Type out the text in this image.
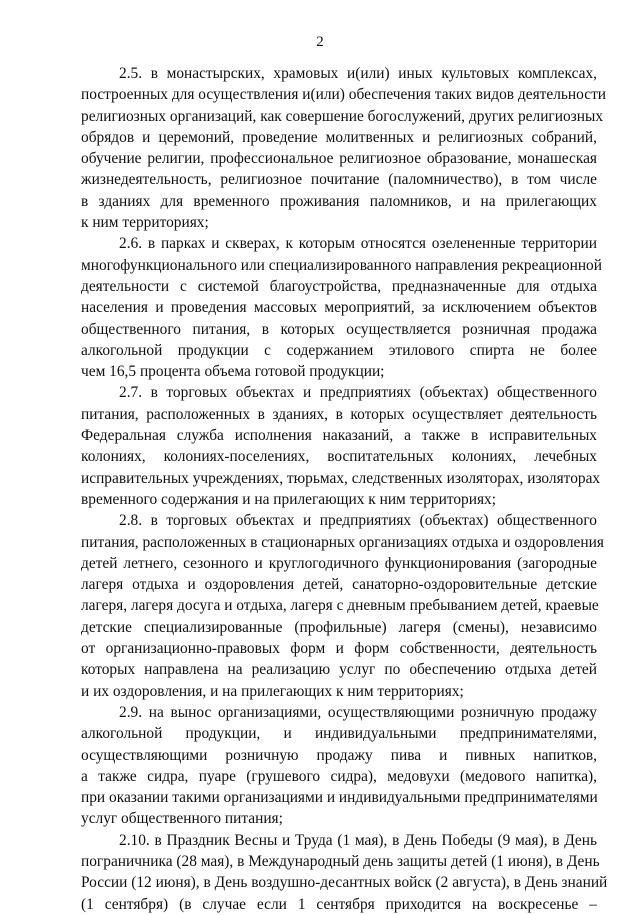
2
2.5. в монастырских, храмовых и(или) иных культовых комплексах,
построенных для осуществления и(или) обеспечения таких видов деятельности
религиозных организаций, как совершение богослужений, других религиозных
обрядов и церемоний, проведение молитвенных и религиозных собраний,
обучение религии, профессиональное религиозное образование, монашеская
жизнедеятельность, религиозное почитание (паломничество), в том числе
в зданиях для временного проживания паломников, и на прилегающих
к ним территориях;
2.6. в парках и скверах, к которым относятся озелененные территории
многофункционального или специализированного направления рекреационной
деятельности с системой благоустройства, предназначенные для отдыха
населения и проведения массовых мероприятий, за исключением объектов
общественного питания, в которых осуществляется розничная продажа
алкогольной продукции с содержанием этилового спирта не более
чем 16,5 процента объема готовой продукции;
2.7. в торговых объектах и предприятиях (объектах) общественного
питания, расположенных в зданиях, в которых осуществляет деятельность
Федеральная служба исполнения наказаний, а также в исправительных
колониях, колониях-поселениях, воспитательных колониях, лечебных
исправительных учреждениях, тюрьмах, следственных изоляторах, изоляторах
временного содержания и на прилегающих к ним территориях;
2.8. в торговых объектах и предприятиях (объектах) общественного
питания, расположенных в стационарных организациях отдыха и оздоровления
детей летнего, сезонного и круглогодичного функционирования (загородные
лагеря отдыха и оздоровления детей, санаторно-оздоровительные детские
лагеря, лагеря досуга и отдыха, лагеря с дневным пребыванием детей, краевые
детские специализированные (профильные) лагеря (смены), независимо
от организационно-правовых форм и форм собственности, деятельность
которых направлена на реализацию услуг по обеспечению отдыха детей
и их оздоровления, и на прилегающих к ним территориях;
2.9. на вынос организациями, осуществляющими розничную продажу
алкогольной продукции, и индивидуальными предпринимателями,
осуществляющими розничную продажу пива и пивных напитков,
а также сидра, пуаре (грушевого сидра), медовухи (медового напитка),
при оказании такими организациями и индивидуальными предпринимателями
услуг общественного питания;
2.10. в Праздник Весны и Труда (1 мая), в День Победы (9 мая), в День
пограничника (28 мая), в Международный день защиты детей (1 июня), в День
России (12 июня), в День воздушно-десантных войск (2 августа), в День знаний
(1 сентября) (в случае если 1 сентября приходится на воскресенье –
